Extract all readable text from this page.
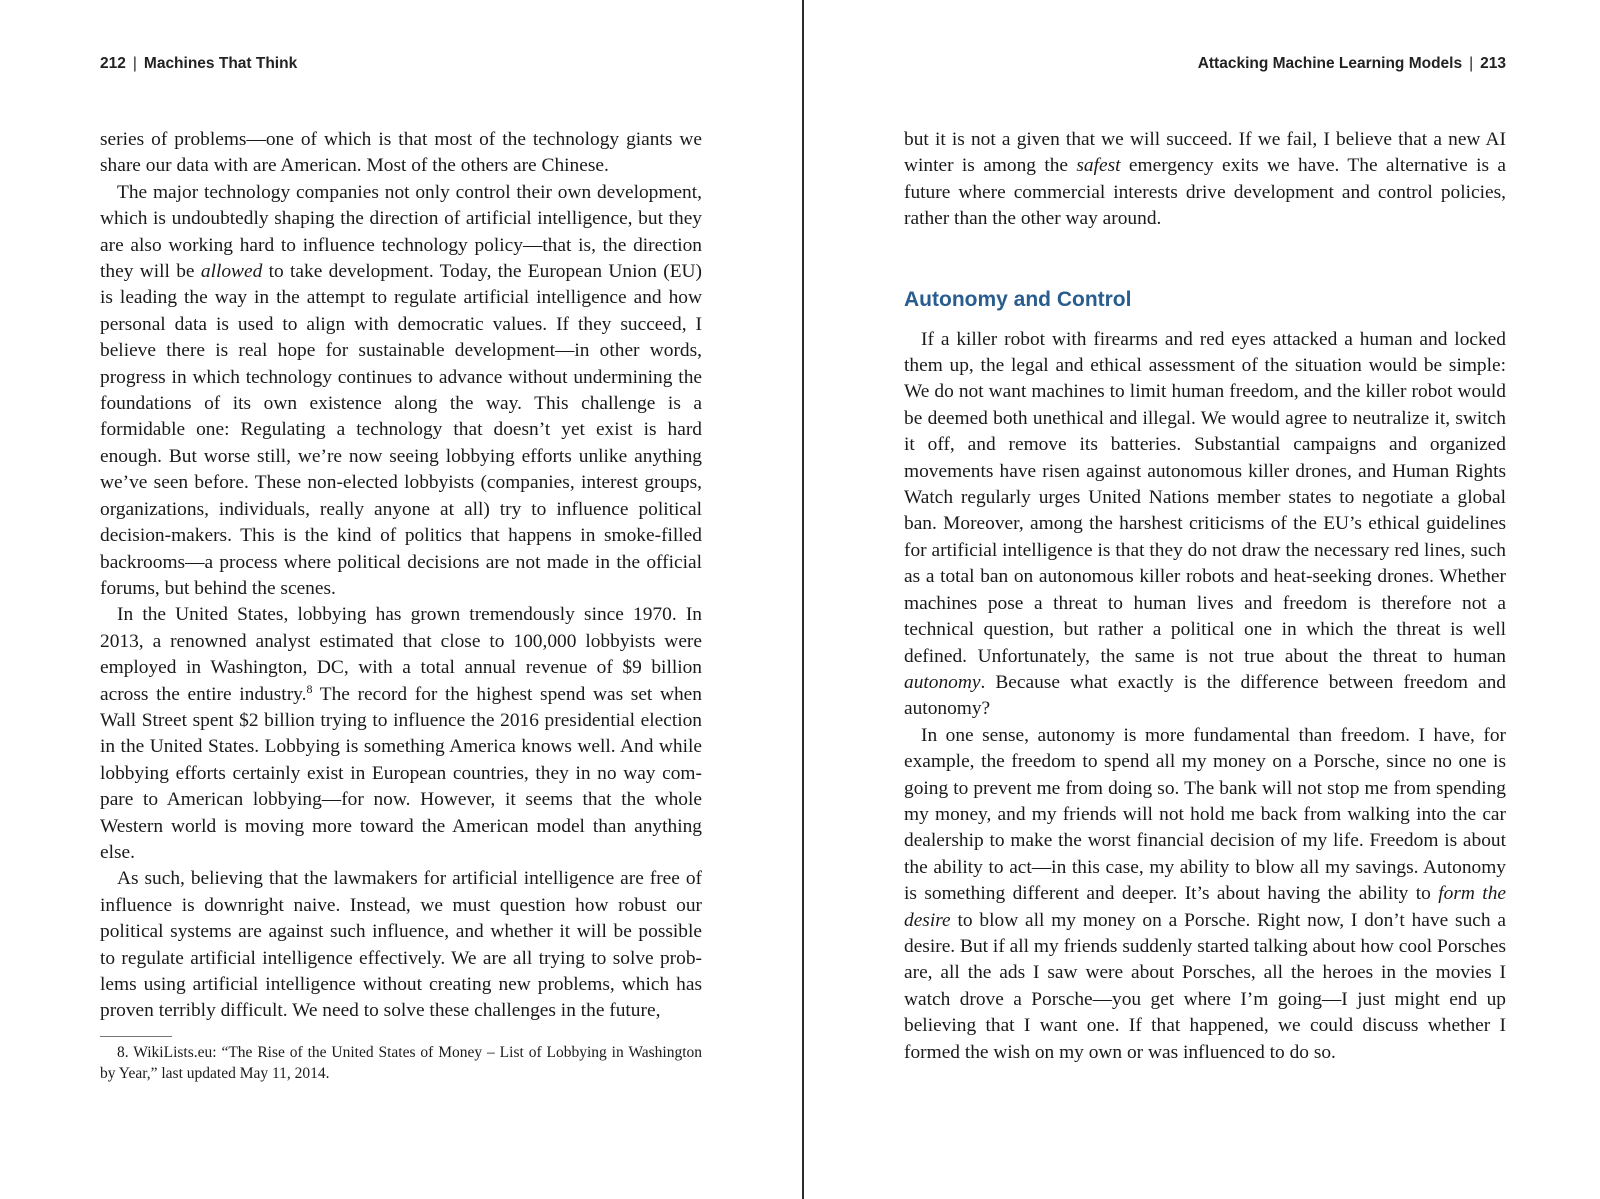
212 | Machines That Think

series of problems—one of which is that most of the technology giants we share our data with are American. Most of the others are Chinese.

The major technology companies not only control their own development, which is undoubtedly shaping the direction of artificial intelligence, but they are also working hard to influence technology policy—that is, the direction they will be allowed to take development. Today, the European Union (EU) is leading the way in the attempt to regulate artificial intelligence and how personal data is used to align with democratic values. If they succeed, I believe there is real hope for sustainable development—in other words, progress in which technology continues to advance without undermining the foundations of its own existence along the way. This challenge is a formidable one: Regulating a technology that doesn’t yet exist is hard enough. But worse still, we’re now seeing lobbying efforts unlike anything we’ve seen before. These non-elected lobbyists (companies, interest groups, organizations, individuals, really anyone at all) try to influence political decision-makers. This is the kind of politics that happens in smoke-filled backrooms—a process where political decisions are not made in the official forums, but behind the scenes.

In the United States, lobbying has grown tremendously since 1970. In 2013, a renowned analyst estimated that close to 100,000 lobbyists were employed in Washington, DC, with a total annual revenue of $9 billion across the entire industry.$^8$ The record for the highest spend was set when Wall Street spent $2 billion trying to influence the 2016 presidential election in the United States. Lobbying is something America knows well. And while lobbying efforts certainly exist in European countries, they in no way compare to American lobbying—for now. However, it seems that the whole Western world is moving more toward the American model than anything else.

As such, believing that the lawmakers for artificial intelligence are free of influence is downright naive. Instead, we must question how robust our political systems are against such influence, and whether it will be possible to regulate artificial intelligence effectively. We are all trying to solve problems using artificial intelligence without creating new problems, which has proven terribly difficult. We need to solve these challenges in the future,

8. WikiLists.eu: “The Rise of the United States of Money – List of Lobbying in Washington by Year,” last updated May 11, 2014.
Attacking Machine Learning Models | 213

but it is not a given that we will succeed. If we fail, I believe that a new AI winter is among the safest emergency exits we have. The alternative is a future where commercial interests drive development and control policies, rather than the other way around.

Autonomy and Control

If a killer robot with firearms and red eyes attacked a human and locked them up, the legal and ethical assessment of the situation would be simple: We do not want machines to limit human freedom, and the killer robot would be deemed both unethical and illegal. We would agree to neutralize it, switch it off, and remove its batteries. Substantial campaigns and organized movements have risen against autonomous killer drones, and Human Rights Watch regularly urges United Nations member states to negotiate a global ban. Moreover, among the harshest criticisms of the EU’s ethical guidelines for artificial intelligence is that they do not draw the necessary red lines, such as a total ban on autonomous killer robots and heat-seeking drones. Whether machines pose a threat to human lives and freedom is therefore not a technical question, but rather a political one in which the threat is well defined. Unfortunately, the same is not true about the threat to human autonomy. Because what exactly is the difference between freedom and autonomy?

In one sense, autonomy is more fundamental than freedom. I have, for example, the freedom to spend all my money on a Porsche, since no one is going to prevent me from doing so. The bank will not stop me from spending my money, and my friends will not hold me back from walking into the car dealership to make the worst financial decision of my life. Freedom is about the ability to act—in this case, my ability to blow all my savings. Autonomy is something different and deeper. It’s about having the ability to form the desire to blow all my money on a Porsche. Right now, I don’t have such a desire. But if all my friends suddenly started talking about how cool Porsches are, all the ads I saw were about Porsches, all the heroes in the movies I watch drove a Porsche—you get where I’m going—I just might end up believing that I want one. If that happened, we could discuss whether I formed the wish on my own or was influenced to do so.
